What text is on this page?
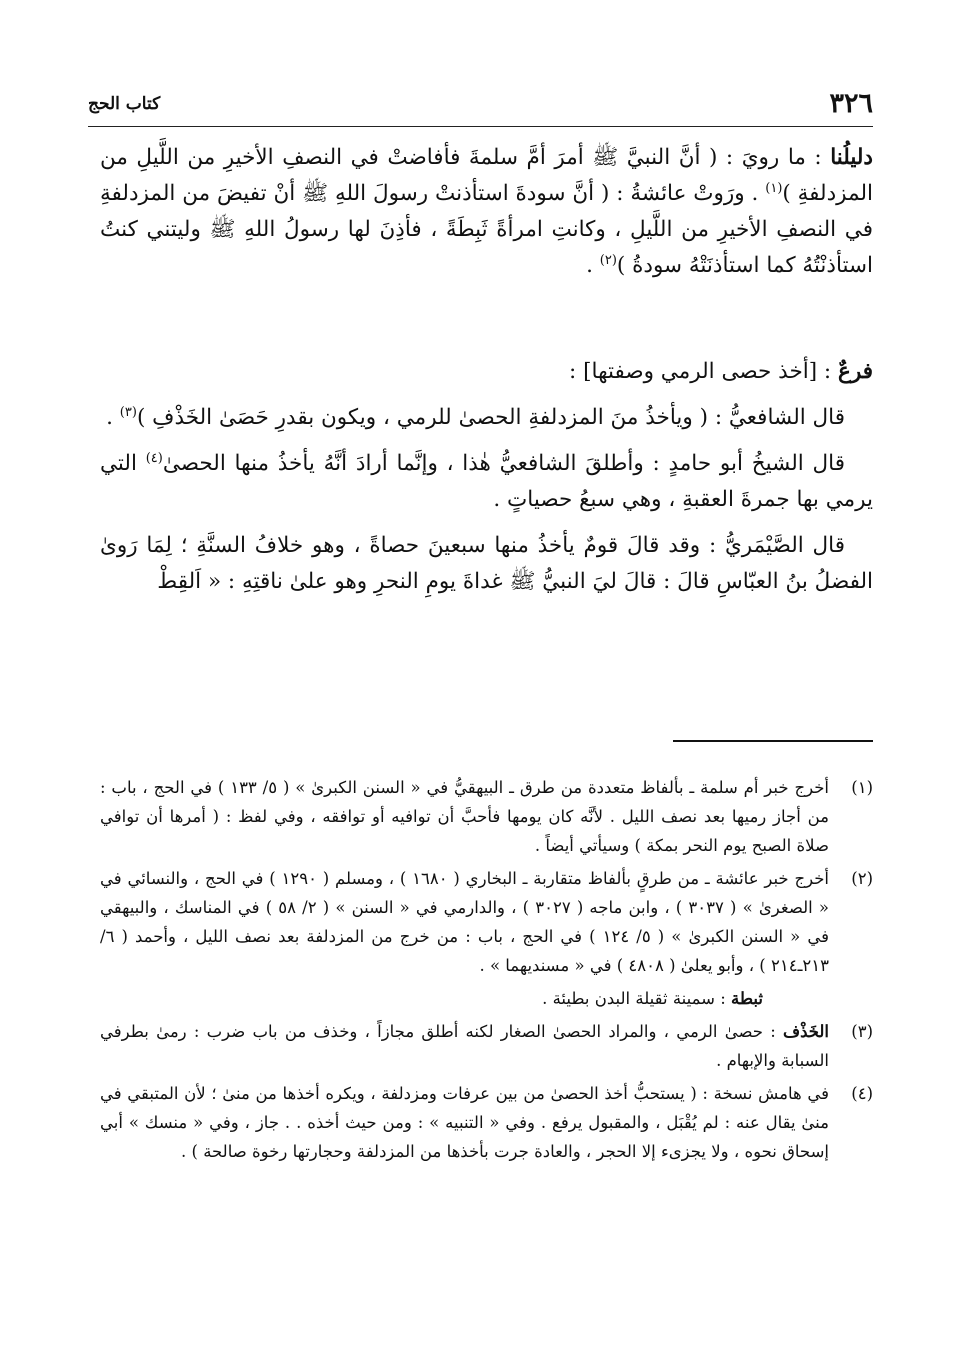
٣٢٦
كتاب الحج

دليلُنا : ما رويَ : ( أنَّ النبيَّ ﷺ أمرَ أمَّ سلمةَ فأفاضتْ في النصفِ الأخيرِ من اللَّيلِ من المزدلفةِ )$^{(١)}$ . ورَوتْ عائشةُ : ( أنَّ سودةَ استأذنتْ رسولَ اللهِ ﷺ أنْ تفيضَ من المزدلفةِ في النصفِ الأخيرِ من اللَّيلِ ، وكانتِ امرأةً ثَبِطَةً ، فأذِنَ لها رسولُ اللهِ ﷺ وليتني كنتُ استأذنْتُهُ كما استأذنَتْهُ سودةُ )$^{(٢)}$ .

فرعٌ : [أخذ حصى الرمي وصفتها] :

قال الشافعيُّ : ( ويأخذُ منَ المزدلفةِ الحصىٰ للرمي ، ويكون بقدرِ حَصَىٰ الخَذْفِ )$^{(٣)}$ .

قال الشيخُ أبو حامدٍ : وأطلقَ الشافعيُّ هٰذا ، وإنَّما أرادَ أنَّهُ يأخذُ منها الحصىٰ$^{(٤)}$ التي يرمي بها جمرةَ العقبةِ ، وهي سبعُ حصياتٍ .

قال الصَّيْمَريُّ : وقد قالَ قومٌ يأخذُ منها سبعينَ حصاةً ، وهو خلافُ السنَّةِ ؛ لِمَا رَوىٰ الفضلُ بنُ العبّاسِ قالَ : قالَ ليَ النبيُّ ﷺ غداةَ يومِ النحرِ وهو علىٰ ناقتِهِ : « اَلقِطْ

(١)
أخرج خبر أم سلمة ـ بألفاظ متعددة من طرق ـ البيهقيُّ في « السنن الكبرىٰ » ( ٥/ ١٣٣ ) في الحج ، باب : من أجاز رميها بعد نصف الليل . لأنَّه كان يومها فأحبَّ أن توافيه أو توافقه ، وفي لفظ : ( أمرها أن توافي صلاة الصبح يوم النحر بمكة ) وسيأتي أيضاً .
(٢)
أخرج خبر عائشة ـ من طرقٍ بألفاظ متقاربة ـ البخاري ( ١٦٨٠ ) ، ومسلم ( ١٢٩٠ ) في الحج ، والنسائي في « الصغرىٰ » ( ٣٠٣٧ ) ، وابن ماجه ( ٣٠٢٧ ) ، والدارمي في « السنن » ( ٢/ ٥٨ ) في المناسك ، والبيهقي في « السنن الكبرىٰ » ( ٥/ ١٢٤ ) في الحج ، باب : من خرج من المزدلفة بعد نصف الليل ، وأحمد ( ٦/ ٢١٣ـ٢١٤ ) ، وأبو يعلىٰ ( ٤٨٠٨ ) في « مسنديهما » .
ثبطة : سمينة ثقيلة البدن بطيئة .
(٣)
الخَذْف : حصىٰ الرمي ، والمراد الحصىٰ الصغار لكنه أطلق مجازاً ، وخذف من باب ضرب : رمىٰ بطرفي السبابة والإبهام .
(٤)
في هامش نسخة : ( يستحبُّ أخذ الحصىٰ من بين عرفات ومزدلفة ، ويكره أخذها من منىٰ ؛ لأن المتبقي في منىٰ يقال عنه : لم يُقْبَل ، والمقبول يرفع . وفي « التنبيه » : ومن حيث أخذه . . جاز ، وفي « منسك » أبي إسحاق نحوه ، ولا يجزىء إلا الحجر ، والعادة جرت بأخذها من المزدلفة وحجارتها رخوة صالحة ) .
